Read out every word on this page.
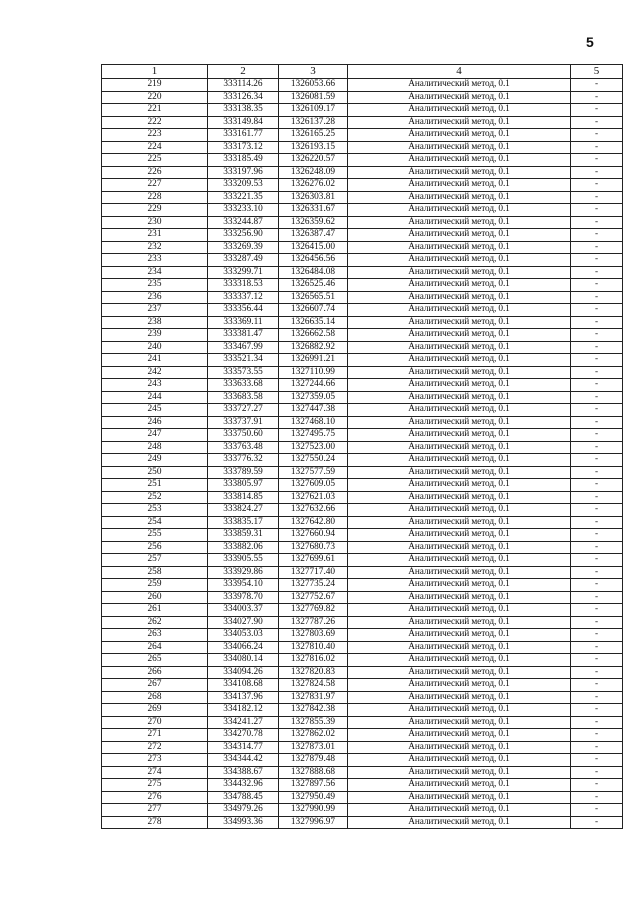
5
1	2	3	4	5
219	333114.26	1326053.66	Аналитический метод, 0.1	-
220	333126.34	1326081.59	Аналитический метод, 0.1	-
221	333138.35	1326109.17	Аналитический метод, 0.1	-
222	333149.84	1326137.28	Аналитический метод, 0.1	-
223	333161.77	1326165.25	Аналитический метод, 0.1	-
224	333173.12	1326193.15	Аналитический метод, 0.1	-
225	333185.49	1326220.57	Аналитический метод, 0.1	-
226	333197.96	1326248.09	Аналитический метод, 0.1	-
227	333209.53	1326276.02	Аналитический метод, 0.1	-
228	333221.35	1326303.81	Аналитический метод, 0.1	-
229	333233.10	1326331.67	Аналитический метод, 0.1	-
230	333244.87	1326359.62	Аналитический метод, 0.1	-
231	333256.90	1326387.47	Аналитический метод, 0.1	-
232	333269.39	1326415.00	Аналитический метод, 0.1	-
233	333287.49	1326456.56	Аналитический метод, 0.1	-
234	333299.71	1326484.08	Аналитический метод, 0.1	-
235	333318.53	1326525.46	Аналитический метод, 0.1	-
236	333337.12	1326565.51	Аналитический метод, 0.1	-
237	333356.44	1326607.74	Аналитический метод, 0.1	-
238	333369.11	1326635.14	Аналитический метод, 0.1	-
239	333381.47	1326662.58	Аналитический метод, 0.1	-
240	333467.99	1326882.92	Аналитический метод, 0.1	-
241	333521.34	1326991.21	Аналитический метод, 0.1	-
242	333573.55	1327110.99	Аналитический метод, 0.1	-
243	333633.68	1327244.66	Аналитический метод, 0.1	-
244	333683.58	1327359.05	Аналитический метод, 0.1	-
245	333727.27	1327447.38	Аналитический метод, 0.1	-
246	333737.91	1327468.10	Аналитический метод, 0.1	-
247	333750.60	1327495.75	Аналитический метод, 0.1	-
248	333763.48	1327523.00	Аналитический метод, 0.1	-
249	333776.32	1327550.24	Аналитический метод, 0.1	-
250	333789.59	1327577.59	Аналитический метод, 0.1	-
251	333805.97	1327609.05	Аналитический метод, 0.1	-
252	333814.85	1327621.03	Аналитический метод, 0.1	-
253	333824.27	1327632.66	Аналитический метод, 0.1	-
254	333835.17	1327642.80	Аналитический метод, 0.1	-
255	333859.31	1327660.94	Аналитический метод, 0.1	-
256	333882.06	1327680.73	Аналитический метод, 0.1	-
257	333905.55	1327699.61	Аналитический метод, 0.1	-
258	333929.86	1327717.40	Аналитический метод, 0.1	-
259	333954.10	1327735.24	Аналитический метод, 0.1	-
260	333978.70	1327752.67	Аналитический метод, 0.1	-
261	334003.37	1327769.82	Аналитический метод, 0.1	-
262	334027.90	1327787.26	Аналитический метод, 0.1	-
263	334053.03	1327803.69	Аналитический метод, 0.1	-
264	334066.24	1327810.40	Аналитический метод, 0.1	-
265	334080.14	1327816.02	Аналитический метод, 0.1	-
266	334094.26	1327820.83	Аналитический метод, 0.1	-
267	334108.68	1327824.58	Аналитический метод, 0.1	-
268	334137.96	1327831.97	Аналитический метод, 0.1	-
269	334182.12	1327842.38	Аналитический метод, 0.1	-
270	334241.27	1327855.39	Аналитический метод, 0.1	-
271	334270.78	1327862.02	Аналитический метод, 0.1	-
272	334314.77	1327873.01	Аналитический метод, 0.1	-
273	334344.42	1327879.48	Аналитический метод, 0.1	-
274	334388.67	1327888.68	Аналитический метод, 0.1	-
275	334432.96	1327897.56	Аналитический метод, 0.1	-
276	334788.45	1327950.49	Аналитический метод, 0.1	-
277	334979.26	1327990.99	Аналитический метод, 0.1	-
278	334993.36	1327996.97	Аналитический метод, 0.1	-
